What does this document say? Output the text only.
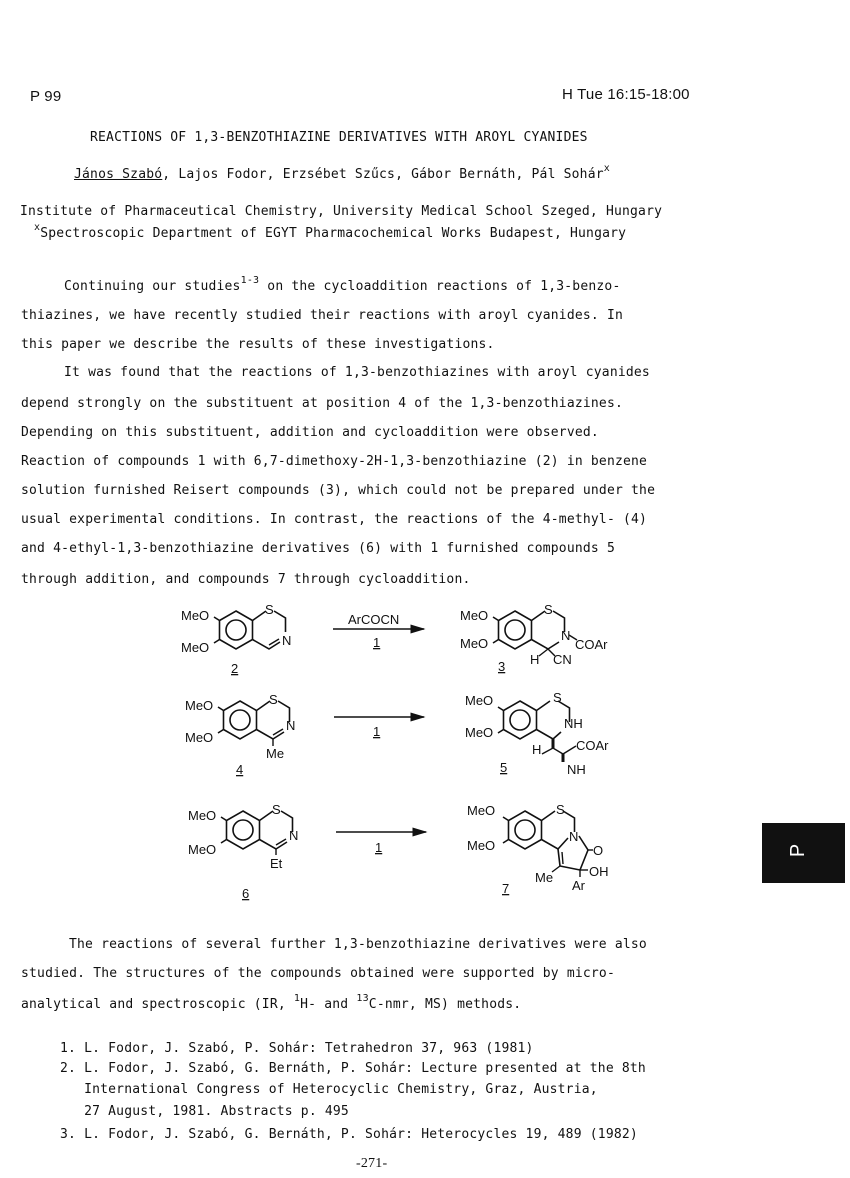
P 99	H Tue 16:15-18:00
REACTIONS OF 1,3-BENZOTHIAZINE DERIVATIVES WITH AROYL CYANIDES
János Szabó, Lajos Fodor, Erzsébet Szűcs, Gábor Bernáth, Pál Sohár$^x$
Institute of Pharmaceutical Chemistry, University Medical School Szeged, Hungary
$^x$Spectroscopic Department of EGYT Pharmacochemical Works Budapest, Hungary
Continuing our studies$^{1-3}$ on the cycloaddition reactions of 1,3-benzo-
thiazines, we have recently studied their reactions with aroyl cyanides. In
this paper we describe the results of these investigations.
It was found that the reactions of 1,3-benzothiazines with aroyl cyanides
depend strongly on the substituent at position 4 of the 1,3-benzothiazines.
Depending on this substituent, addition and cycloaddition were observed.
Reaction of compounds 1 with 6,7-dimethoxy-2H-1,3-benzothiazine (2) in benzene
solution furnished Reisert compounds (3), which could not be prepared under the
usual experimental conditions. In contrast, the reactions of the 4-methyl- (4)
and 4-ethyl-1,3-benzothiazine derivatives (6) with 1 furnished compounds 5
through addition, and compounds 7 through cycloaddition.
MeO
MeO
S
N
2
ArCOCN
1
MeO
MeO
S
N
COAr
H CN
3
MeO
MeO
S
N
Me
4
1
MeO
MeO
S
NH
H	COAr
NH
5
MeO
MeO
S
N
Et
6
1
MeO
MeO
S
N
O
OH
Me
Ar
7
P
The reactions of several further 1,3-benzothiazine derivatives were also
studied. The structures of the compounds obtained were supported by micro-
analytical and spectroscopic (IR, $^1$H- and $^{13}$C-nmr, MS) methods.
1. L. Fodor, J. Szabó, P. Sohár: Tetrahedron 37, 963 (1981)
2. L. Fodor, J. Szabó, G. Bernáth, P. Sohár: Lecture presented at the 8th
International Congress of Heterocyclic Chemistry, Graz, Austria,
27 August, 1981. Abstracts p. 495
3. L. Fodor, J. Szabó, G. Bernáth, P. Sohár: Heterocycles 19, 489 (1982)
-271-
